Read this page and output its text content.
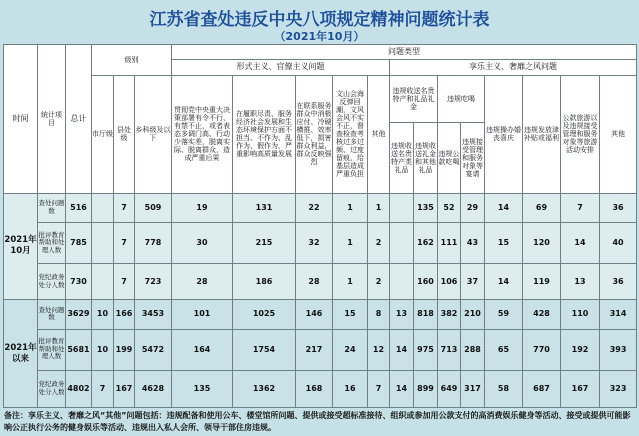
江苏省查处违反中央八项规定精神问题统计表
（2021年10月）
时间	统计项目	总计	级别			问题类型												
						形式主义、官僚主义问题					享乐主义、奢靡之风问题							
			市厅级	县处级	乡科级及以下	贯彻党中央重大决策部署有令不行、有禁不止，或者表态多调门高、行动少落实差，脱离实际、脱离群众，造成严重后果	在履职尽责、服务经济社会发展和生态环境保护方面不担当、不作为、乱作为、假作为，严重影响高质量发展	在联系服务群众中消极应付、冷硬横推、效率低下，损害群众利益，群众反映强烈	文山会海反弹回潮，文风会风不实不正，督查检查考核过多过频、过度留痕，给基层造成严重负担	其他	违规收送名贵特产和礼品礼金		违规吃喝		违规操办婚丧喜庆	违规发放津补贴或福利	公款旅游以及违规接受管理和服务对象等旅游活动安排	其他
											违规收送名贵特产类礼品	违规收送礼金和其他礼品	违规公款吃喝	违规接受管理和服务对象等宴请				

2021年10月	查处问题数	516		7	509	19	131	22	1	1		135	52	29	14	69	7	36
	批评教育帮助和处理人数	785		7	778	30	215	32	1	2		162	111	43	15	120	14	40
	党纪政务处分人数	730		7	723	28	186	28	1	2		160	106	37	14	119	13	36
2021年以来	查处问题数	3629	10	166	3453	101	1025	146	15	8	13	818	382	210	59	428	110	314
	批评教育帮助和处理人数	5681	10	199	5472	164	1754	217	24	12	14	975	713	288	65	770	192	393
	党纪政务处分人数	4802	7	167	4628	135	1362	168	16	7	14	899	649	317	58	687	167	323
备注：享乐主义、奢靡之风“其他”问题包括：违规配备和使用公车、楼堂馆所问题、提供或接受超标准接待、组织或参加用公款支付的高消费娱乐健身等活动、接受或提供可能影响公正执行公务的健身娱乐等活动、违规出入私人会所、领导干部住房违规。
